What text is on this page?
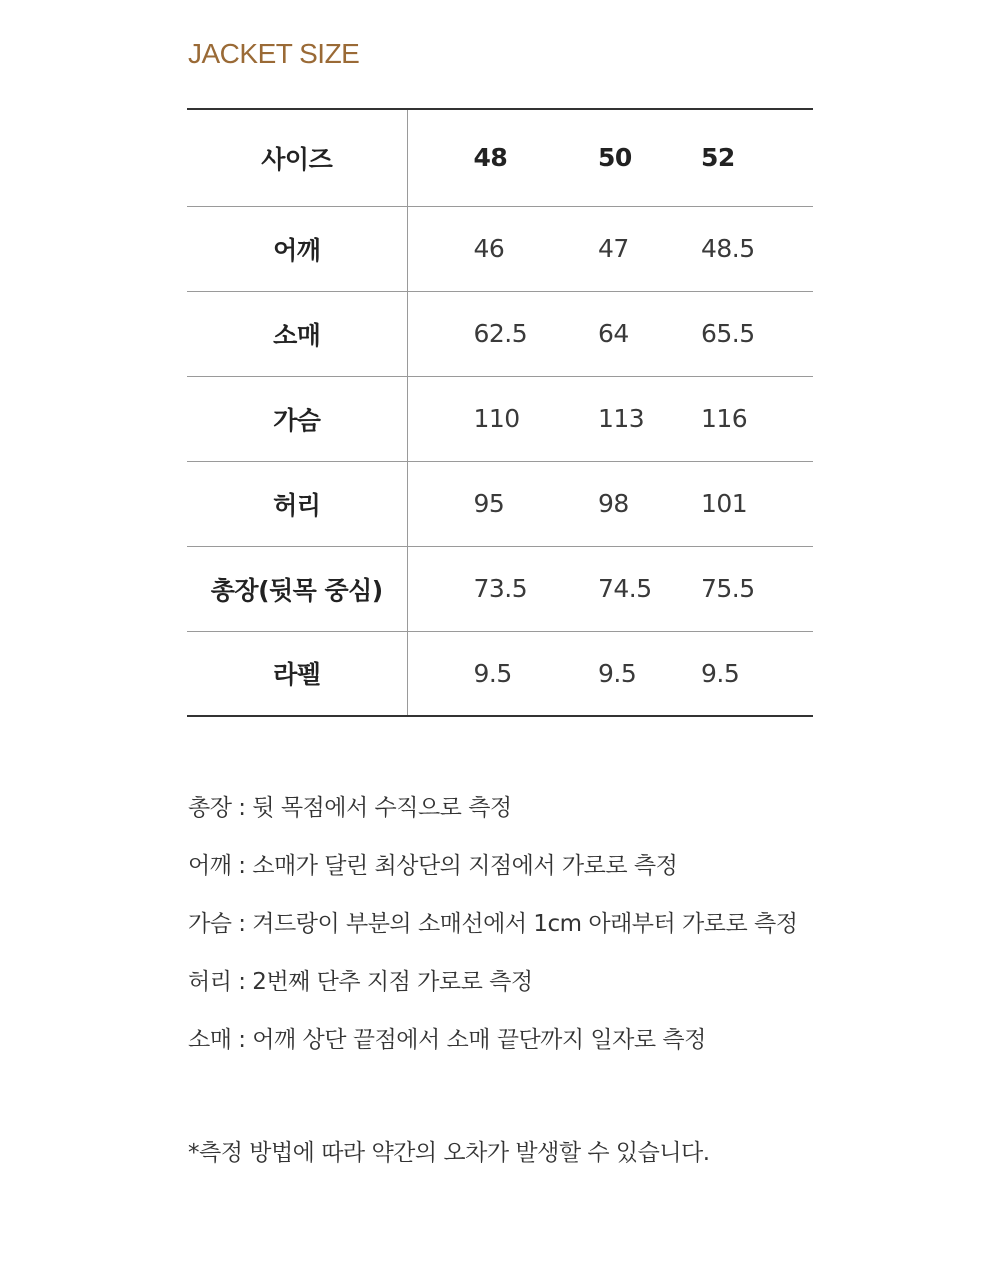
JACKET SIZE
사이즈	48	50	52
어깨	46	47	48.5
소매	62.5	64	65.5
가슴	110	113	116
허리	95	98	101
총장(뒷목 중심)	73.5	74.5	75.5
라펠	9.5	9.5	9.5
총장 : 뒷 목점에서 수직으로 측정
어깨 : 소매가 달린 최상단의 지점에서 가로로 측정
가슴 : 겨드랑이 부분의 소매선에서 1cm 아래부터 가로로 측정
허리 : 2번째 단추 지점 가로로 측정
소매 : 어깨 상단 끝점에서 소매 끝단까지 일자로 측정
*측정 방법에 따라 약간의 오차가 발생할 수 있습니다.
